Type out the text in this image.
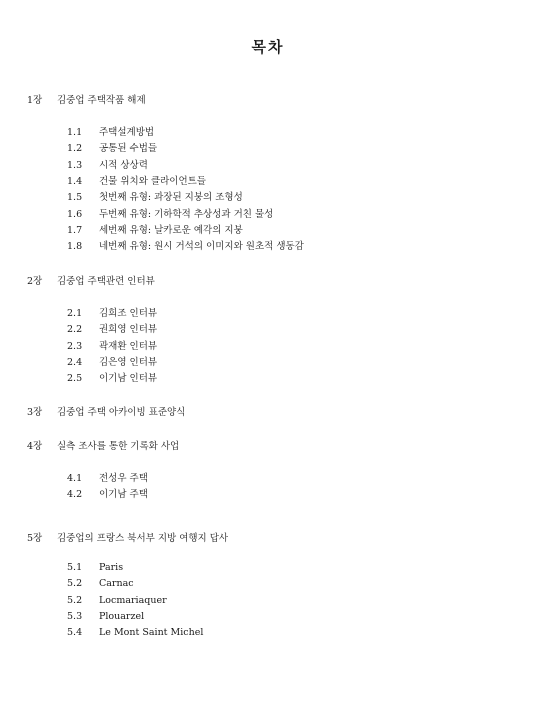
목차
1장 김중업 주택작품 해제
1.1 주택설계방법
1.2 공통된 수법들
1.3 시적 상상력
1.4 건물 위치와 클라이언트들
1.5 첫번째 유형: 과장된 지붕의 조형성
1.6 두번째 유형: 기하학적 추상성과 거친 물성
1.7 세번째 유형: 날카로운 예각의 지붕
1.8 네번째 유형: 원시 거석의 이미지와 원초적 생동감
2장 김중업 주택관련 인터뷰
2.1 김희조 인터뷰
2.2 권희영 인터뷰
2.3 곽재환 인터뷰
2.4 김은영 인터뷰
2.5 이기남 인터뷰
3장 김중업 주택 아카이빙 표준양식
4장 실측 조사를 통한 기록화 사업
4.1 전성우 주택
4.2 이기남 주택
5장 김중업의 프랑스 북서부 지방 여행지 답사
5.1 Paris
5.2 Carnac
5.2 Locmariaquer
5.3 Plouarzel
5.4 Le Mont Saint Michel
